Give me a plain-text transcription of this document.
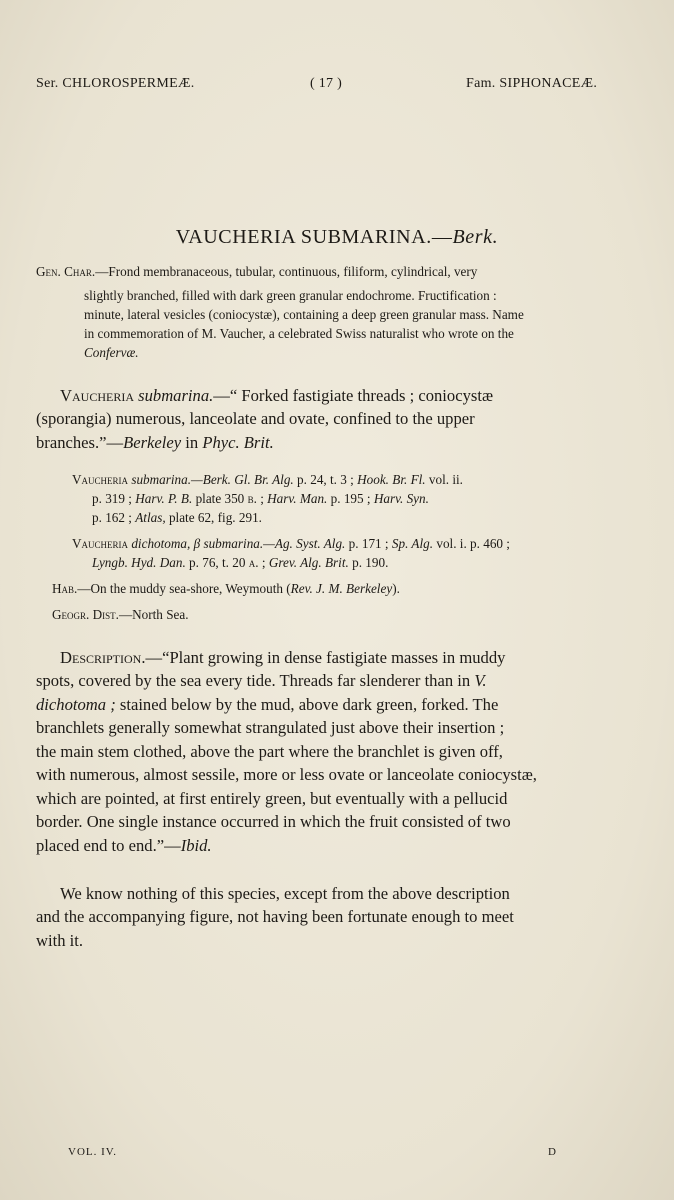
Ser. CHLOROSPERMEÆ.	( 17 )	Fam. SIPHONACEÆ.
VAUCHERIA SUBMARINA.—Berk.
Gen. Char.—Frond membranaceous, tubular, continuous, filiform, cylindrical, very
slightly branched, filled with dark green granular endochrome. Fructification :
minute, lateral vesicles (coniocystæ), containing a deep green granular mass. Name
in commemoration of M. Vaucher, a celebrated Swiss naturalist who wrote on the
Confervæ.
Vaucheria submarina.—“ Forked fastigiate threads ; coniocystæ
(sporangia) numerous, lanceolate and ovate, confined to the upper
branches.”—Berkeley in Phyc. Brit.
Vaucheria submarina.—Berk. Gl. Br. Alg. p. 24, t. 3 ; Hook. Br. Fl. vol. ii.
p. 319 ; Harv. P. B. plate 350 b. ; Harv. Man. p. 195 ; Harv. Syn.
p. 162 ; Atlas, plate 62, fig. 291.
Vaucheria dichotoma, β submarina.—Ag. Syst. Alg. p. 171 ; Sp. Alg. vol. i. p. 460 ;
Lyngb. Hyd. Dan. p. 76, t. 20 a. ; Grev. Alg. Brit. p. 190.
Hab.—On the muddy sea-shore, Weymouth (Rev. J. M. Berkeley).
Geogr. Dist.—North Sea.
Description.—“Plant growing in dense fastigiate masses in muddy
spots, covered by the sea every tide. Threads far slenderer than in V.
dichotoma ; stained below by the mud, above dark green, forked. The
branchlets generally somewhat strangulated just above their insertion ;
the main stem clothed, above the part where the branchlet is given off,
with numerous, almost sessile, more or less ovate or lanceolate coniocystæ,
which are pointed, at first entirely green, but eventually with a pellucid
border. One single instance occurred in which the fruit consisted of two
placed end to end.”—Ibid.
We know nothing of this species, except from the above description
and the accompanying figure, not having been fortunate enough to meet
with it.
VOL. IV.	D
